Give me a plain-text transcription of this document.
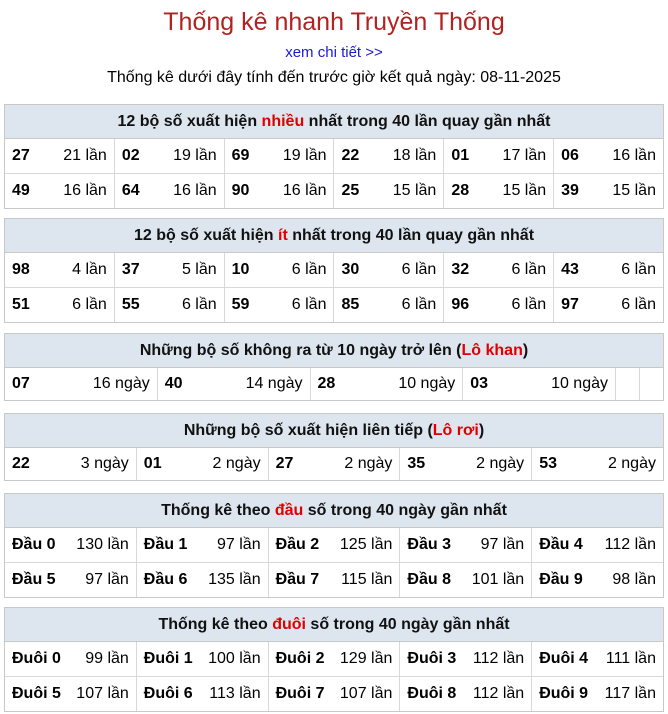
Thống kê nhanh Truyền Thống
xem chi tiết >>
Thống kê dưới đây tính đến trước giờ kết quả ngày: 08-11-2025
12 bộ số xuất hiện nhiều nhất trong 40 lần quay gần nhất
27 21 lần 02 19 lần 69 19 lần 22 18 lần 01 17 lần 06 16 lần
49 16 lần 64 16 lần 90 16 lần 25 15 lần 28 15 lần 39 15 lần
12 bộ số xuất hiện ít nhất trong 40 lần quay gần nhất
98	4 lần 37	5 lần 10	6 lần 30	6 lần 32	6 lần 43	6 lần
51	6 lần 55	6 lần 59	6 lần 85	6 lần 96	6 lần 97	6 lần
Những bộ số không ra từ 10 ngày trở lên (Lô khan)
07	16 ngày 40	14 ngày 28	10 ngày 03	10 ngày
Những bộ số xuất hiện liên tiếp (Lô rơi)
22	3 ngày 01	2 ngày 27	2 ngày 35	2 ngày 53	2 ngày
Thống kê theo đầu số trong 40 ngày gần nhất
Đầu 0 130 lần Đầu 1 97 lần Đầu 2 125 lần Đầu 3 97 lần Đầu 4 112 lần
Đầu 5 97 lần Đầu 6 135 lần Đầu 7 115 lần Đầu 8 101 lần Đầu 9 98 lần
Thống kê theo đuôi số trong 40 ngày gần nhất
Đuôi 0 99 lần Đuôi 1 100 lần Đuôi 2 129 lần Đuôi 3 112 lần Đuôi 4 111 lần
Đuôi 5 107 lần Đuôi 6 113 lần Đuôi 7 107 lần Đuôi 8 112 lần Đuôi 9 117 lần
